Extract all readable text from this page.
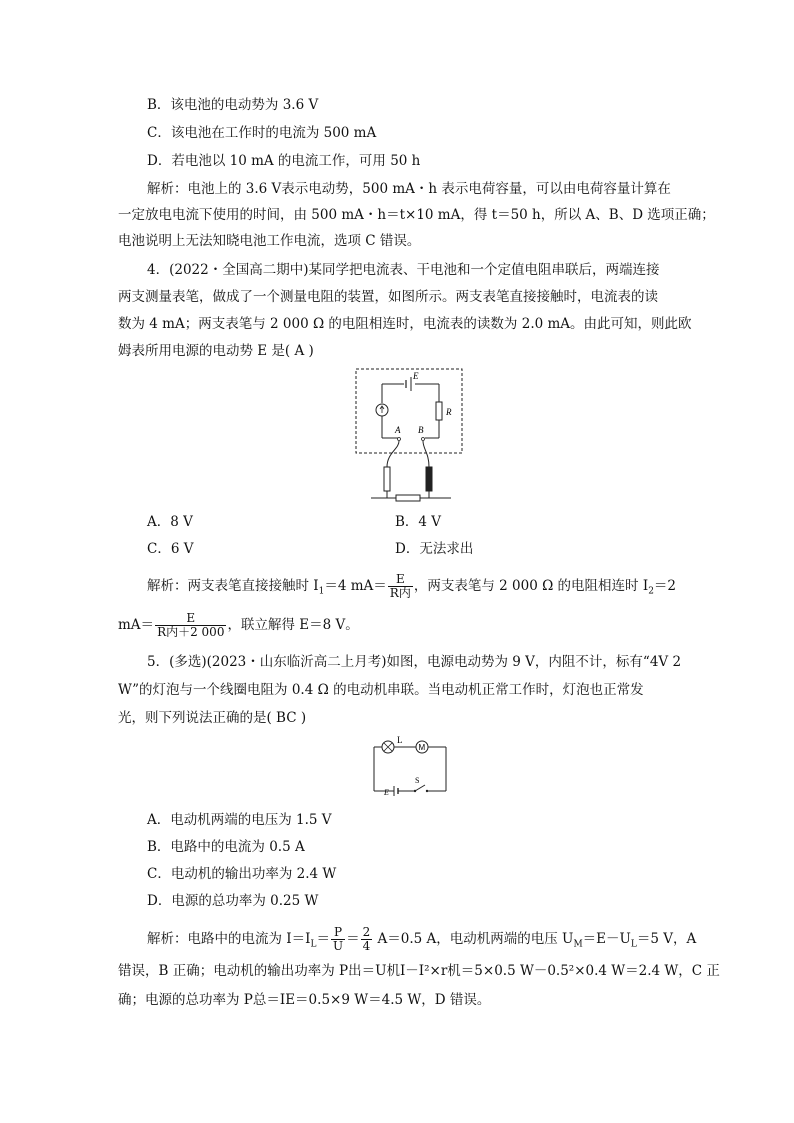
B．该电池的电动势为 3.6 V
C．该电池在工作时的电流为 500 mA
D．若电池以 10 mA 的电流工作，可用 50 h
解析：电池上的 3.6 V表示电动势，500 mA・h 表示电荷容量，可以由电荷容量计算在
一定放电电流下使用的时间，由 500 mA・h＝t×10 mA，得 t＝50 h，所以 A、B、D 选项正确；
电池说明上无法知晓电池工作电流，选项 C 错误。
4．(2022・全国高二期中)某同学把电流表、干电池和一个定值电阻串联后，两端连接
两支测量表笔，做成了一个测量电阻的装置，如图所示。两支表笔直接接触时，电流表的读
数为 4 mA；两支表笔与 2 000 Ω 的电阻相连时，电流表的读数为 2.0 mA。由此可知，则此欧
姆表所用电源的电动势 E 是( A )
E
R
A B
A．8 V	B．4 V
C．6 V	D．无法求出
解析：两支表笔直接接触时 $I_1=4$ $mA= \frac{E}{\text{R内}}$ ，两支表笔与 2 000 Ω 的电阻相连时 $I_2=2$
$mA= \frac{E}{\text{R内＋2 000}}$ ，联立解得 E＝8 V。
5．(多选)(2023・山东临沂高二上月考)如图，电源电动势为 9 V，内阻不计，标有“4V 2
W”的灯泡与一个线圈电阻为 0.4 Ω 的电动机串联。当电动机正常工作时，灯泡也正常发
光，则下列说法正确的是( BC )
L
M
E
S
A．电动机两端的电压为 1.5 V
B．电路中的电流为 0.5 A
C．电动机的输出功率为 2.4 W
D．电源的总功率为 0.25 W
解析：电路中的电流为 $I=I_L= \frac{P}{U} = \frac{2}{4} A=0.5$ A，电动机两端的电压 $U_M=E-U_L=5$ V，A
错误，B 正确；电动机的输出功率为 P出＝U机I－I²×r机＝5×0.5 W－0.5²×0.4 W＝2.4 W，C 正
确；电源的总功率为 P总＝IE＝0.5×9 W＝4.5 W，D 错误。
